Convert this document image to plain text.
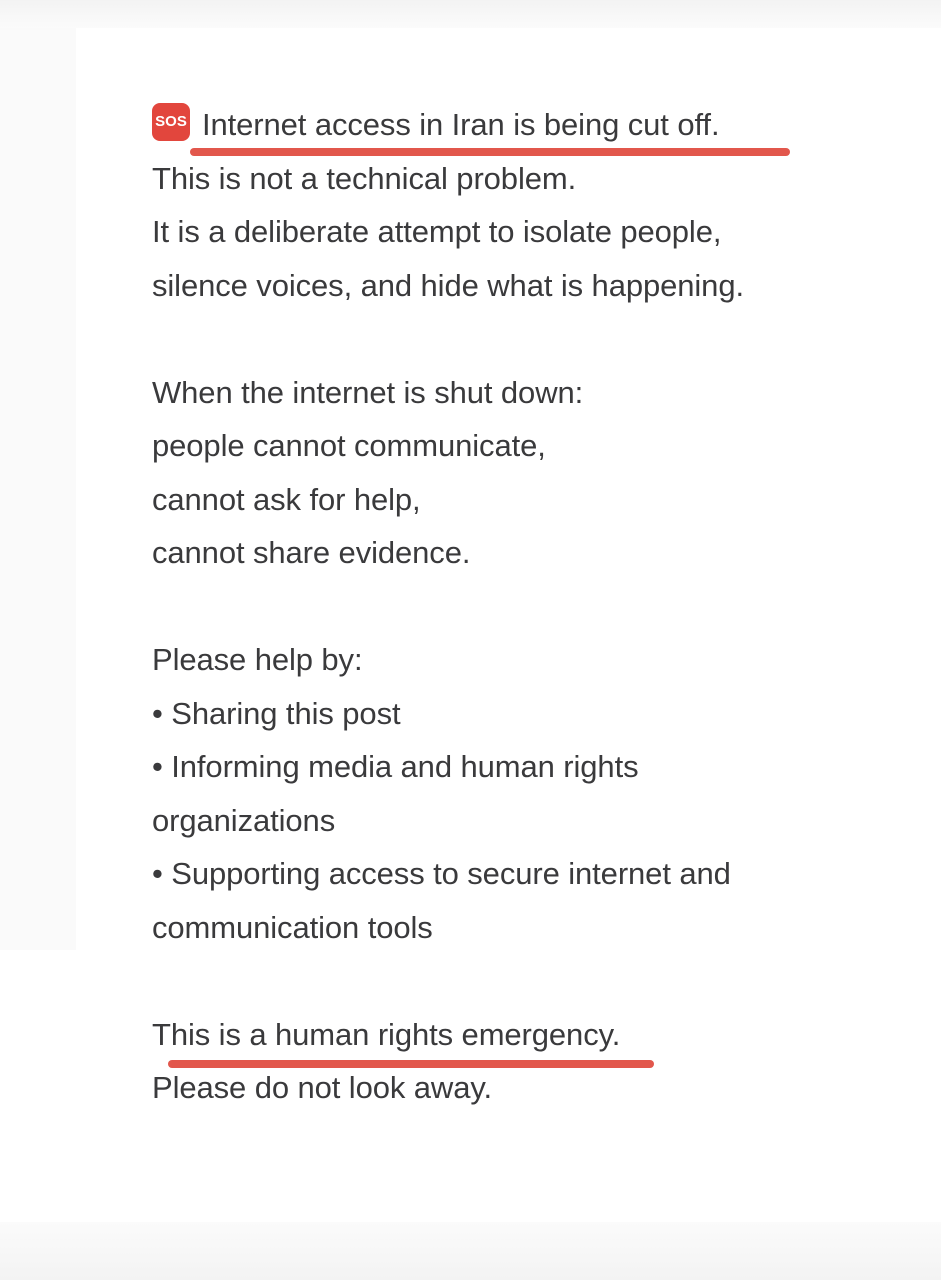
SOS Internet access in Iran is being cut off.
This is not a technical problem.
It is a deliberate attempt to isolate people,
silence voices, and hide what is happening.
When the internet is shut down:
people cannot communicate,
cannot ask for help,
cannot share evidence.
Please help by:
• Sharing this post
• Informing media and human rights
organizations
• Supporting access to secure internet and
communication tools
This is a human rights emergency.
Please do not look away.
